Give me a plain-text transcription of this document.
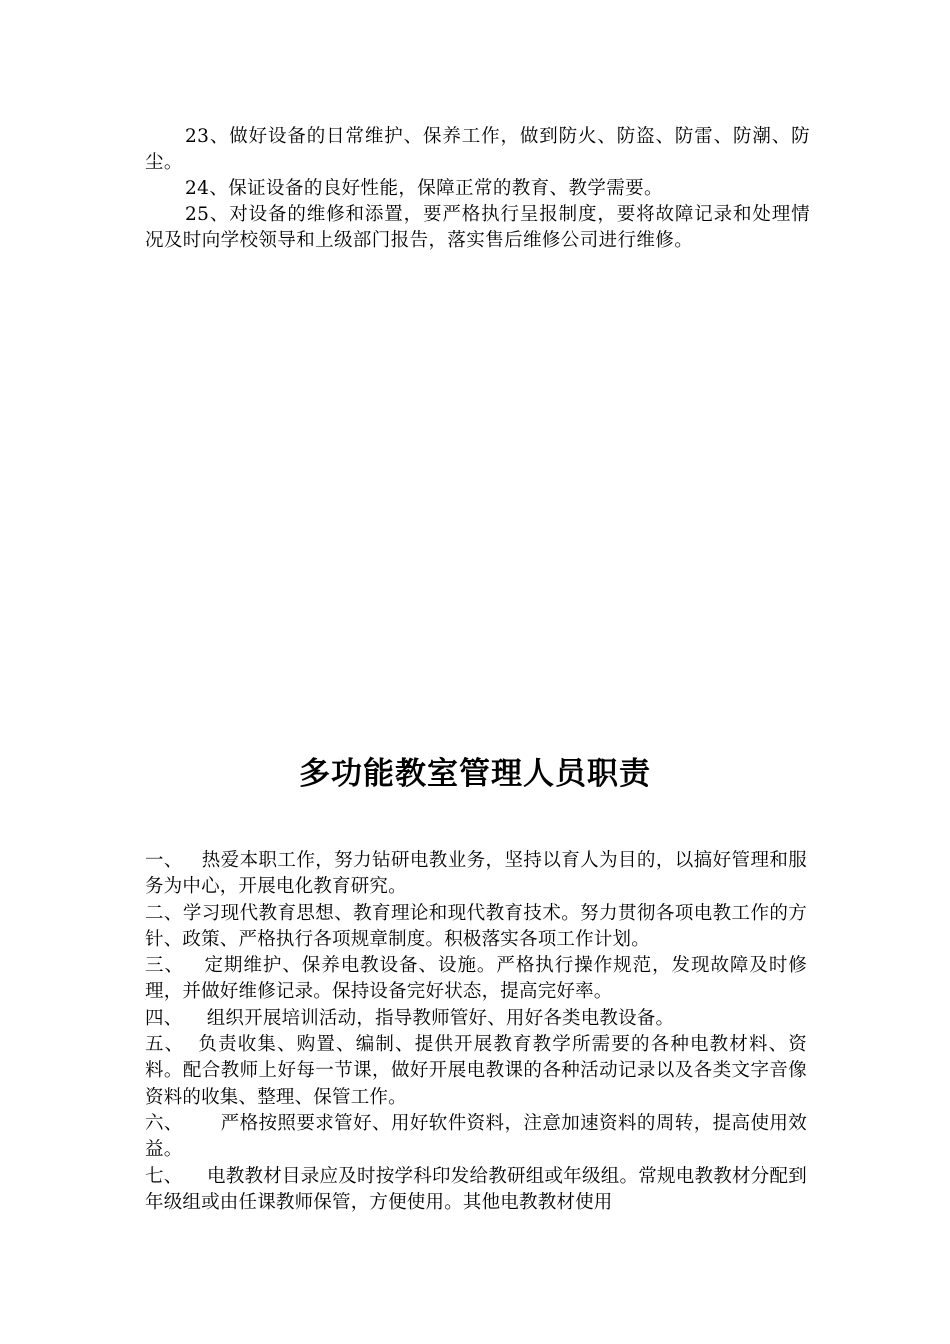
23、做好设备的日常维护、保养工作，做到防火、防盗、防雷、防潮、防尘。

24、保证设备的良好性能，保障正常的教育、教学需要。

25、对设备的维修和添置，要严格执行呈报制度，要将故障记录和处理情况及时向学校领导和上级部门报告，落实售后维修公司进行维修。

多功能教室管理人员职责

一、 热爱本职工作，努力钻研电教业务，坚持以育人为目的，以搞好管理和服务为中心，开展电化教育研究。

二、学习现代教育思想、教育理论和现代教育技术。努力贯彻各项电教工作的方针、政策、严格执行各项规章制度。积极落实各项工作计划。

三、 定期维护、保养电教设备、设施。严格执行操作规范，发现故障及时修理，并做好维修记录。保持设备完好状态，提高完好率。

四、 组织开展培训活动，指导教师管好、用好各类电教设备。

五、 负责收集、购置、编制、提供开展教育教学所需要的各种电教材料、资料。配合教师上好每一节课，做好开展电教课的各种活动记录以及各类文字音像资料的收集、整理、保管工作。

六、 严格按照要求管好、用好软件资料，注意加速资料的周转，提高使用效益。

七、 电教教材目录应及时按学科印发给教研组或年级组。常规电教教材分配到年级组或由任课教师保管，方便使用。其他电教教材使用
